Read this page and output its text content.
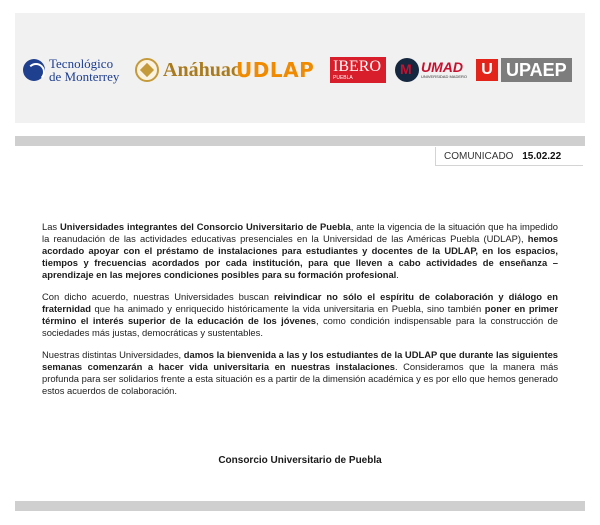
Tecnológico
de Monterrey Anáhuac
UDLAP IBERO
PUEBLA
M
UMAD
UNIVERSIDAD MADERO U UPAEP
COMUNICADO 15.02.22

Las Universidades integrantes del Consorcio Universitario de Puebla, ante la vigencia de la situación que ha impedido la reanudación de las actividades educativas presenciales en la Universidad de las Américas Puebla (UDLAP), hemos acordado apoyar con el préstamo de instalaciones para estudiantes y docentes de la UDLAP, en los espacios, tiempos y frecuencias acordados por cada institución, para que lleven a cabo actividades de enseñanza – aprendizaje en las mejores condiciones posibles para su formación profesional.

Con dicho acuerdo, nuestras Universidades buscan reivindicar no sólo el espíritu de colaboración y diálogo en fraternidad que ha animado y enriquecido históricamente la vida universitaria en Puebla, sino también poner en primer término el interés superior de la educación de los jóvenes, como condición indispensable para la construcción de sociedades más justas, democráticas y sustentables.

Nuestras distintas Universidades, damos la bienvenida a las y los estudiantes de la UDLAP que durante las siguientes semanas comenzarán a hacer vida universitaria en nuestras instalaciones. Consideramos que la manera más profunda para ser solidarios frente a esta situación es a partir de la dimensión académica y es por ello que hemos generado estos acuerdos de colaboración.

Consorcio Universitario de Puebla
